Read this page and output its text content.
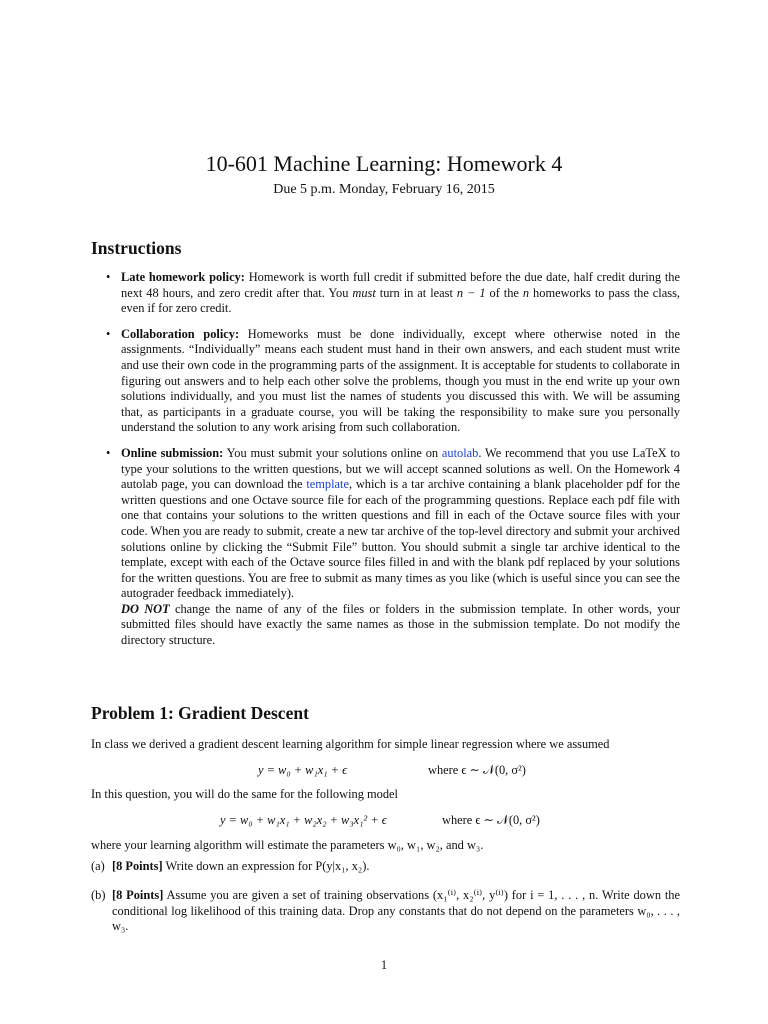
10-601 Machine Learning: Homework 4
Due 5 p.m. Monday, February 16, 2015
Instructions
• Late homework policy: Homework is worth full credit if submitted before the due date, half credit during the next 48 hours, and zero credit after that. You must turn in at least n − 1 of the n homeworks to pass the class, even if for zero credit.

• Collaboration policy: Homeworks must be done individually, except where otherwise noted in the assignments. “Individually” means each student must hand in their own answers, and each student must write and use their own code in the programming parts of the assignment. It is acceptable for students to collaborate in figuring out answers and to help each other solve the problems, though you must in the end write up your own solutions individually, and you must list the names of students you discussed this with. We will be assuming that, as participants in a graduate course, you will be taking the responsibility to make sure you personally understand the solution to any work arising from such collaboration.

• Online submission: You must submit your solutions online on autolab. We recommend that you use LaTeX to type your solutions to the written questions, but we will accept scanned solutions as well. On the Homework 4 autolab page, you can download the template, which is a tar archive containing a blank placeholder pdf for the written questions and one Octave source file for each of the programming questions. Replace each pdf file with one that contains your solutions to the written questions and fill in each of the Octave source files with your code. When you are ready to submit, create a new tar archive of the top-level directory and submit your archived solutions online by clicking the “Submit File” button. You should submit a single tar archive identical to the template, except with each of the Octave source files filled in and with the blank pdf replaced by your solutions for the written questions. You are free to submit as many times as you like (which is useful since you can see the autograder feedback immediately).

DO NOT change the name of any of the files or folders in the submission template. In other words, your submitted files should have exactly the same names as those in the submission template. Do not modify the directory structure.

Problem 1: Gradient Descent
In class we derived a gradient descent learning algorithm for simple linear regression where we assumed
y = w₀ + w₁x₁ + ϵ	where ϵ ∼ 𝒩(0, σ²)
In this question, you will do the same for the following model
y = w₀ + w₁x₁ + w₂x₂ + w₃x₁² + ϵ	where ϵ ∼ 𝒩(0, σ²)
where your learning algorithm will estimate the parameters w₀, w₁, w₂, and w₃.
(a) [8 Points] Write down an expression for P(y|x₁, x₂).
(b) [8 Points] Assume you are given a set of training observations (x₁⁽ⁱ⁾, x₂⁽ⁱ⁾, y⁽ⁱ⁾) for i = 1, . . . , n. Write down the conditional log likelihood of this training data. Drop any constants that do not depend on the parameters w₀, . . . , w₃.
1
